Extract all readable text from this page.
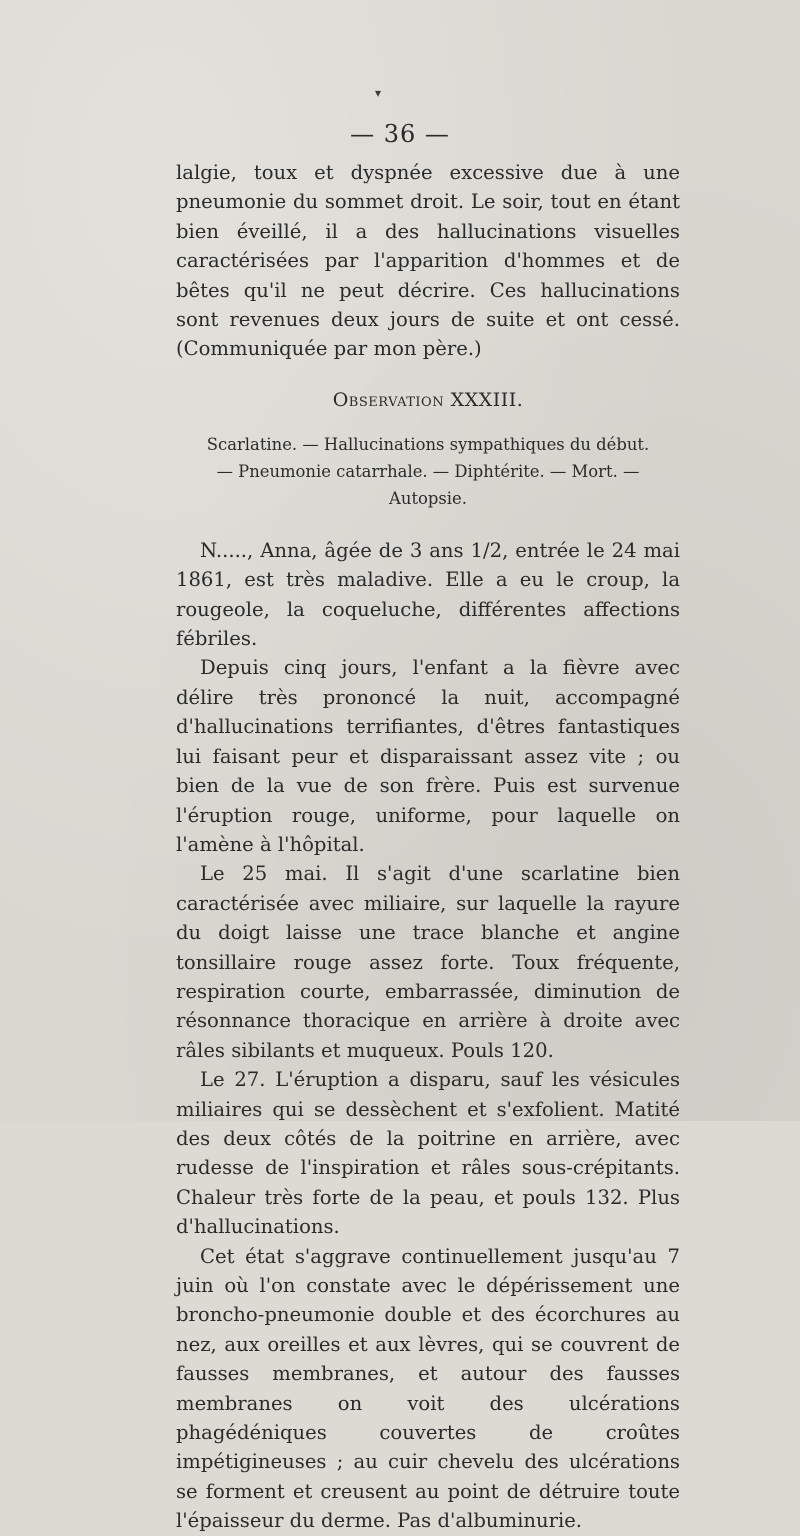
▾
— 36 —

lalgie, toux et dyspnée excessive due à une pneumonie du sommet droit. Le soir, tout en étant bien éveillé, il a des hallucinations visuelles caractérisées par l'apparition d'hommes et de bêtes qu'il ne peut décrire. Ces hallucinations sont revenues deux jours de suite et ont cessé. (Communiquée par mon père.)

Observation XXXIII.

Scarlatine. — Hallucinations sympathiques du début. — Pneumonie catarrhale. — Diphtérite. — Mort. — Autopsie.

N....., Anna, âgée de 3 ans 1/2, entrée le 24 mai 1861, est très maladive. Elle a eu le croup, la rougeole, la coqueluche, différentes affections fébriles.

Depuis cinq jours, l'enfant a la fièvre avec délire très prononcé la nuit, accompagné d'hallucinations terrifiantes, d'êtres fantastiques lui faisant peur et disparaissant assez vite ; ou bien de la vue de son frère. Puis est survenue l'éruption rouge, uniforme, pour laquelle on l'amène à l'hôpital.

Le 25 mai. Il s'agit d'une scarlatine bien caractérisée avec miliaire, sur laquelle la rayure du doigt laisse une trace blanche et angine tonsillaire rouge assez forte. Toux fréquente, respiration courte, embarrassée, diminution de résonnance thoracique en arrière à droite avec râles sibilants et muqueux. Pouls 120.

Le 27. L'éruption a disparu, sauf les vésicules miliaires qui se dessèchent et s'exfolient. Matité des deux côtés de la poitrine en arrière, avec rudesse de l'inspiration et râles sous-crépitants. Chaleur très forte de la peau, et pouls 132. Plus d'hallucinations.

Cet état s'aggrave continuellement jusqu'au 7 juin où l'on constate avec le dépérissement une broncho-pneumonie double et des écorchures au nez, aux oreilles et aux lèvres, qui se couvrent de fausses membranes, et autour des fausses membranes on voit des ulcérations phagédéniques couvertes de croûtes impétigineuses ; au cuir chevelu des ulcérations se forment et creusent au point de détruire toute l'épaisseur du derme. Pas d'albuminurie.
